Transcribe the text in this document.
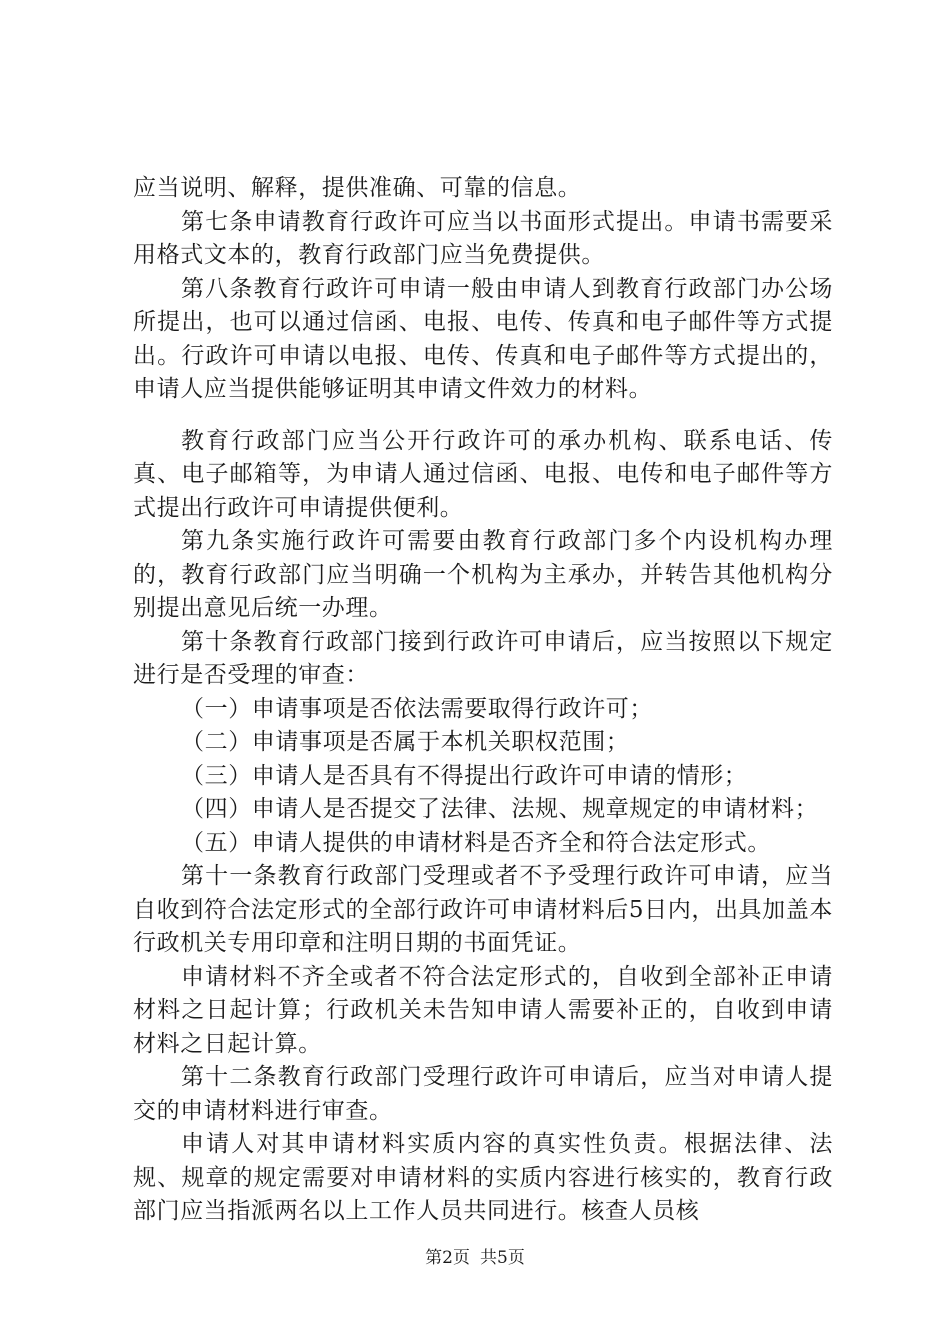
应当说明、解释，提供准确、可靠的信息。

第七条申请教育行政许可应当以书面形式提出。申请书需要采用格式文本的，教育行政部门应当免费提供。

第八条教育行政许可申请一般由申请人到教育行政部门办公场所提出，也可以通过信函、电报、电传、传真和电子邮件等方式提出。行政许可申请以电报、电传、传真和电子邮件等方式提出的，申请人应当提供能够证明其申请文件效力的材料。

教育行政部门应当公开行政许可的承办机构、联系电话、传真、电子邮箱等，为申请人通过信函、电报、电传和电子邮件等方式提出行政许可申请提供便利。

第九条实施行政许可需要由教育行政部门多个内设机构办理的，教育行政部门应当明确一个机构为主承办，并转告其他机构分别提出意见后统一办理。

第十条教育行政部门接到行政许可申请后，应当按照以下规定进行是否受理的审查：

（一）申请事项是否依法需要取得行政许可；

（二）申请事项是否属于本机关职权范围；

（三）申请人是否具有不得提出行政许可申请的情形；

（四）申请人是否提交了法律、法规、规章规定的申请材料；

（五）申请人提供的申请材料是否齐全和符合法定形式。

第十一条教育行政部门受理或者不予受理行政许可申请，应当自收到符合法定形式的全部行政许可申请材料后5日内，出具加盖本行政机关专用印章和注明日期的书面凭证。

申请材料不齐全或者不符合法定形式的，自收到全部补正申请材料之日起计算；行政机关未告知申请人需要补正的，自收到申请材料之日起计算。

第十二条教育行政部门受理行政许可申请后，应当对申请人提交的申请材料进行审查。

申请人对其申请材料实质内容的真实性负责。根据法律、法规、规章的规定需要对申请材料的实质内容进行核实的，教育行政部门应当指派两名以上工作人员共同进行。核查人员核

第2页 共5页
